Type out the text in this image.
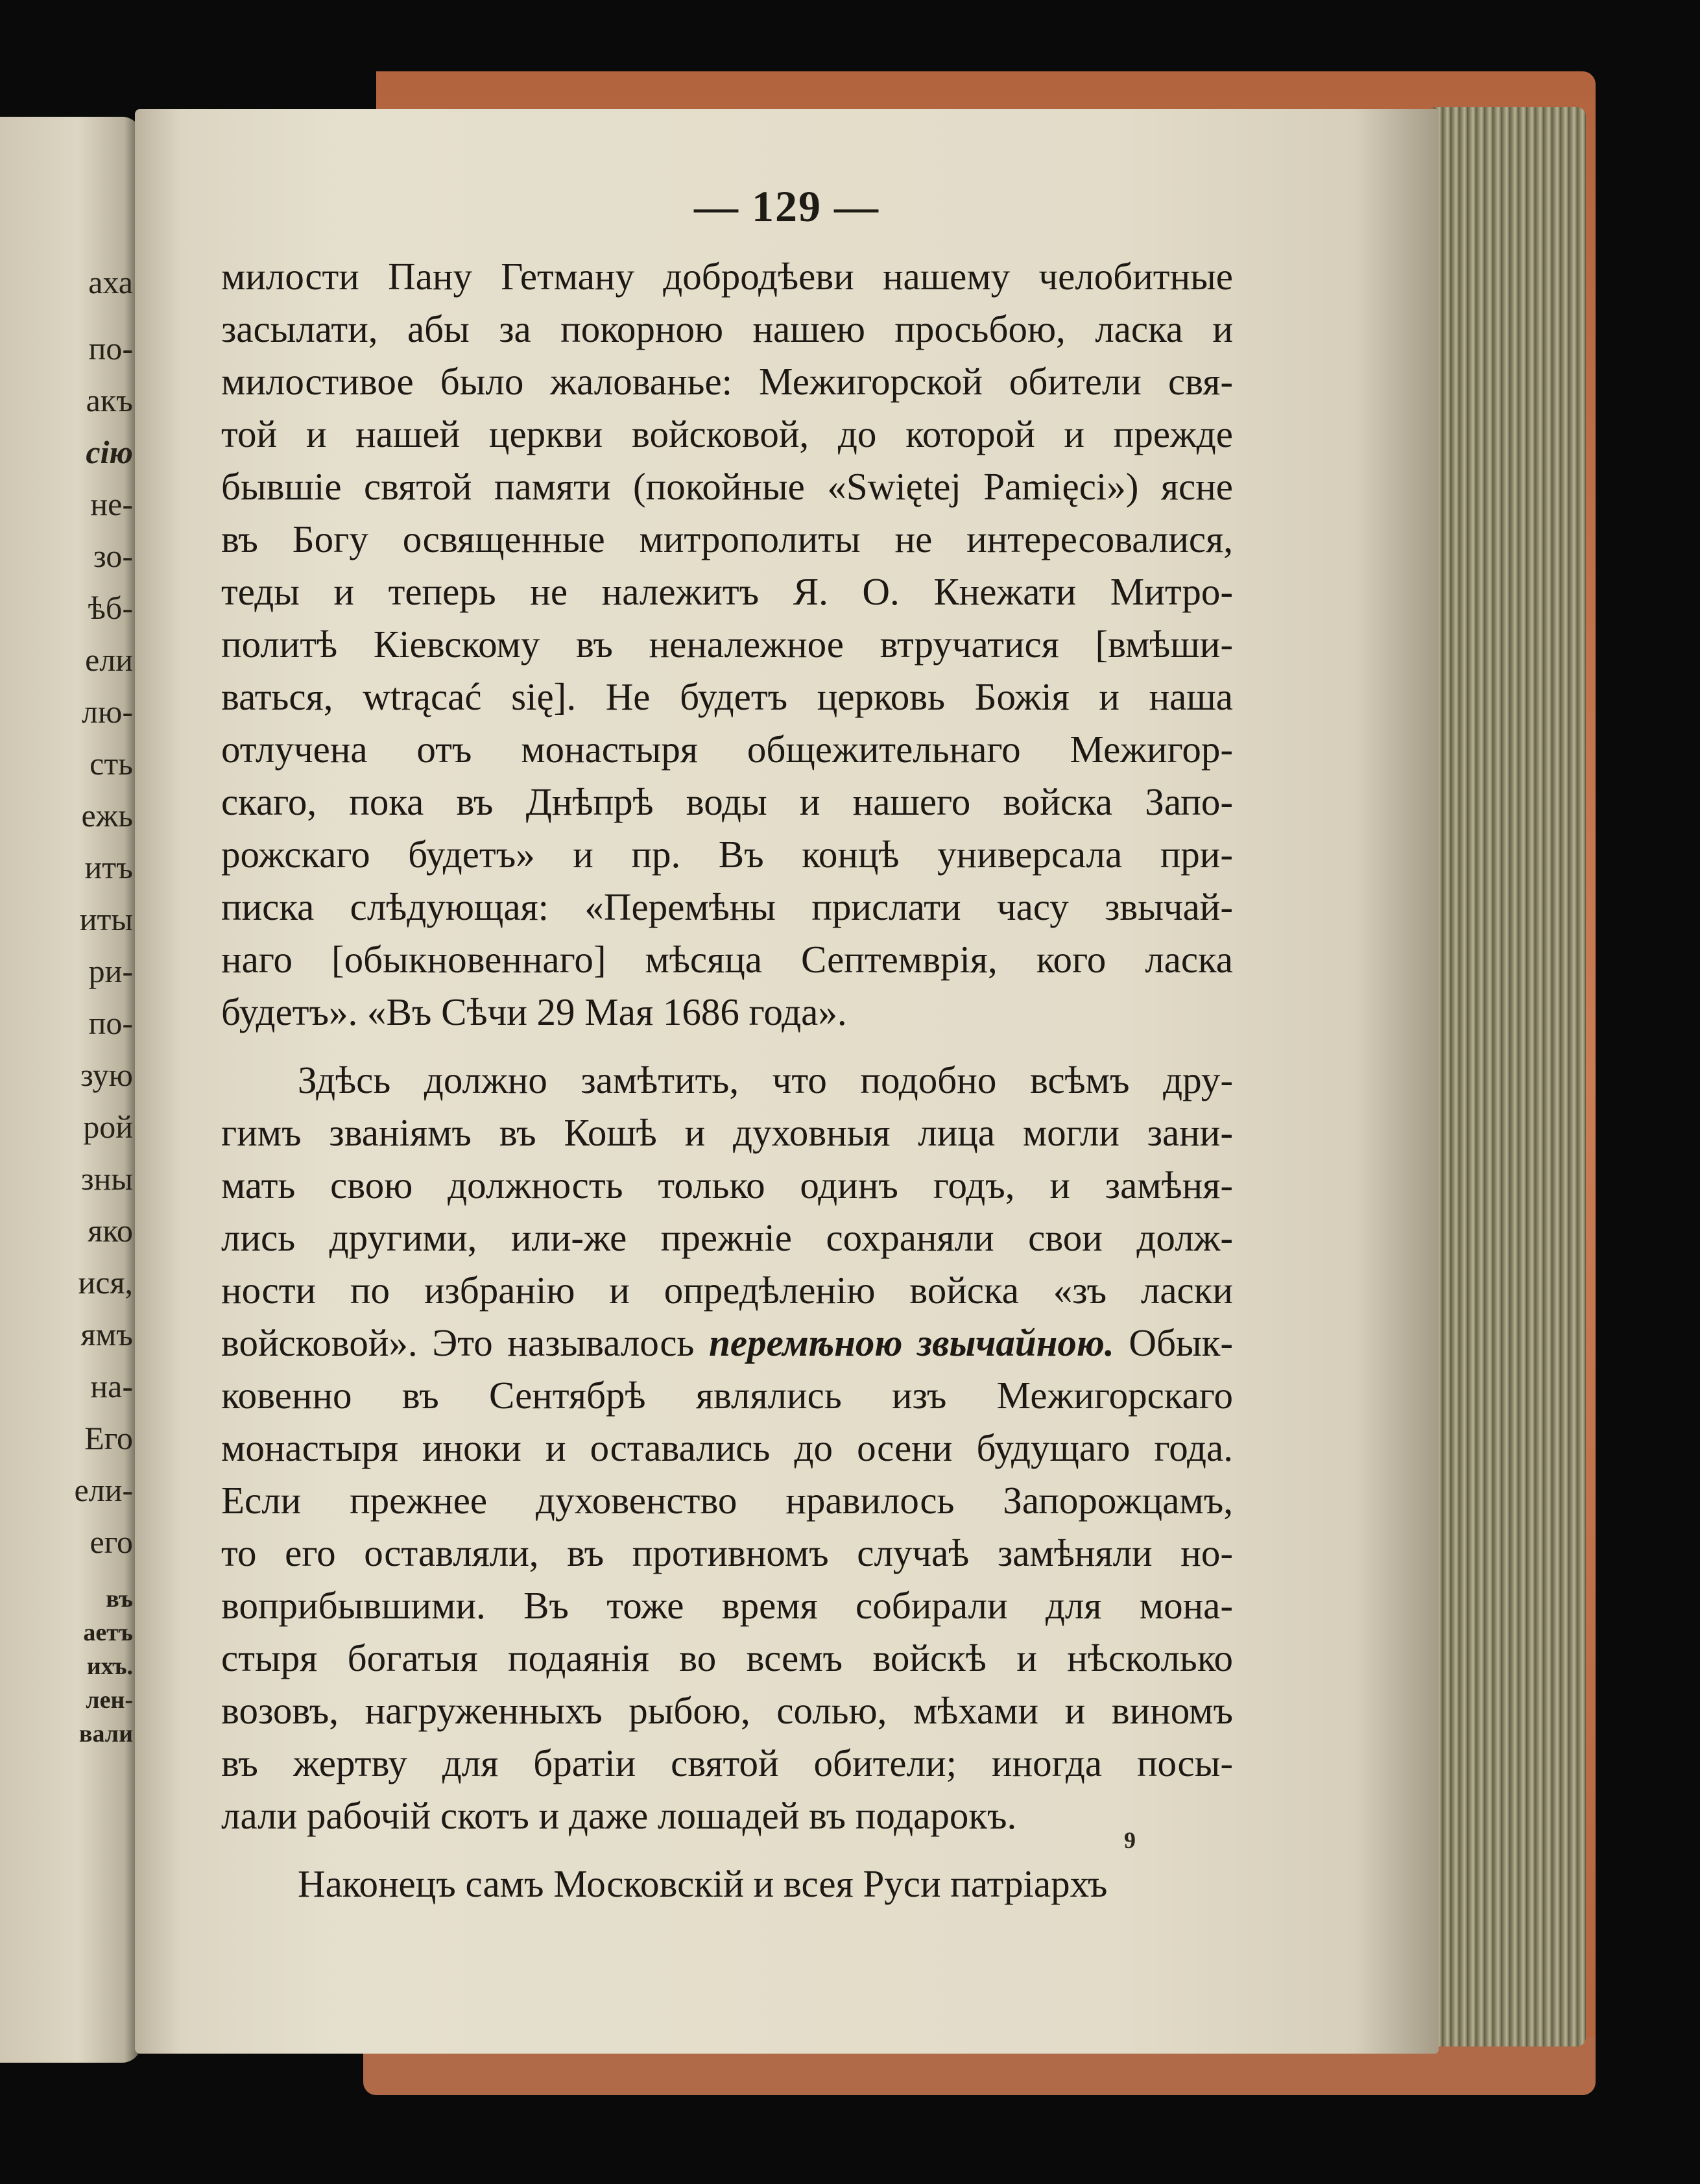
аха
по-
акъ
сiю
не-
зо-
ѣб-
ели
лю-
сть
ежь
итъ
иты
ри-
по-
зую
рой
зны
яко
ися,
ямъ
на-
Его
ели-
его
въ
аетъ
ихъ.
лен-
вали
— 129 —
милости Пану Гетману добродѣеви нашему челобитные
засылати, абы за покорною нашею просьбою, ласка и
милостивое было жалованье: Межигорской обители свя-
той и нашей церкви войсковой, до которой и прежде
бывшiе святой памяти (покойные «Swiętej Pamięci») ясне
въ Богу освященные митрополиты не интересовалися,
теды и теперь не належитъ Я. О. Кнежати Митро-
политѣ Кiевскому въ неналежное втручатися [вмѣши-
ваться, wtrącać się]. Не будетъ церковь Божiя и наша
отлучена отъ монастыря общежительнаго Межигор-
скаго, пока въ Днѣпрѣ воды и нашего войска Запо-
рожскаго будетъ» и пр. Въ концѣ универсала при-
писка слѣдующая: «Перемѣны прислати часу звычай-
наго [обыкновеннаго] мѣсяца Септемврiя, кого ласка
будетъ». «Въ Сѣчи 29 Мая 1686 года».
Здѣсь должно замѣтить, что подобно всѣмъ дру-
гимъ званiямъ въ Кошѣ и духовныя лица могли зани-
мать свою должность только одинъ годъ, и замѣня-
лись другими, или-же прежнiе сохраняли свои долж-
ности по избранiю и опредѣленiю войска «зъ ласки
войсковой». Это называлось перемѣною звычайною. Обык-
ковенно въ Сентябрѣ являлись изъ Межигорскаго
монастыря иноки и оставались до осени будущаго года.
Если прежнее духовенство нравилось Запорожцамъ,
то его оставляли, въ противномъ случаѣ замѣняли но-
воприбывшими. Въ тоже время собирали для мона-
стыря богатыя подаянiя во всемъ войскѣ и нѣсколько
возовъ, нагруженныхъ рыбою, солью, мѣхами и виномъ
въ жертву для братiи святой обители; иногда посы-
лали рабочiй скотъ и даже лошадей въ подарокъ.
Наконецъ самъ Московскiй и всея Руси патрiархъ
9
